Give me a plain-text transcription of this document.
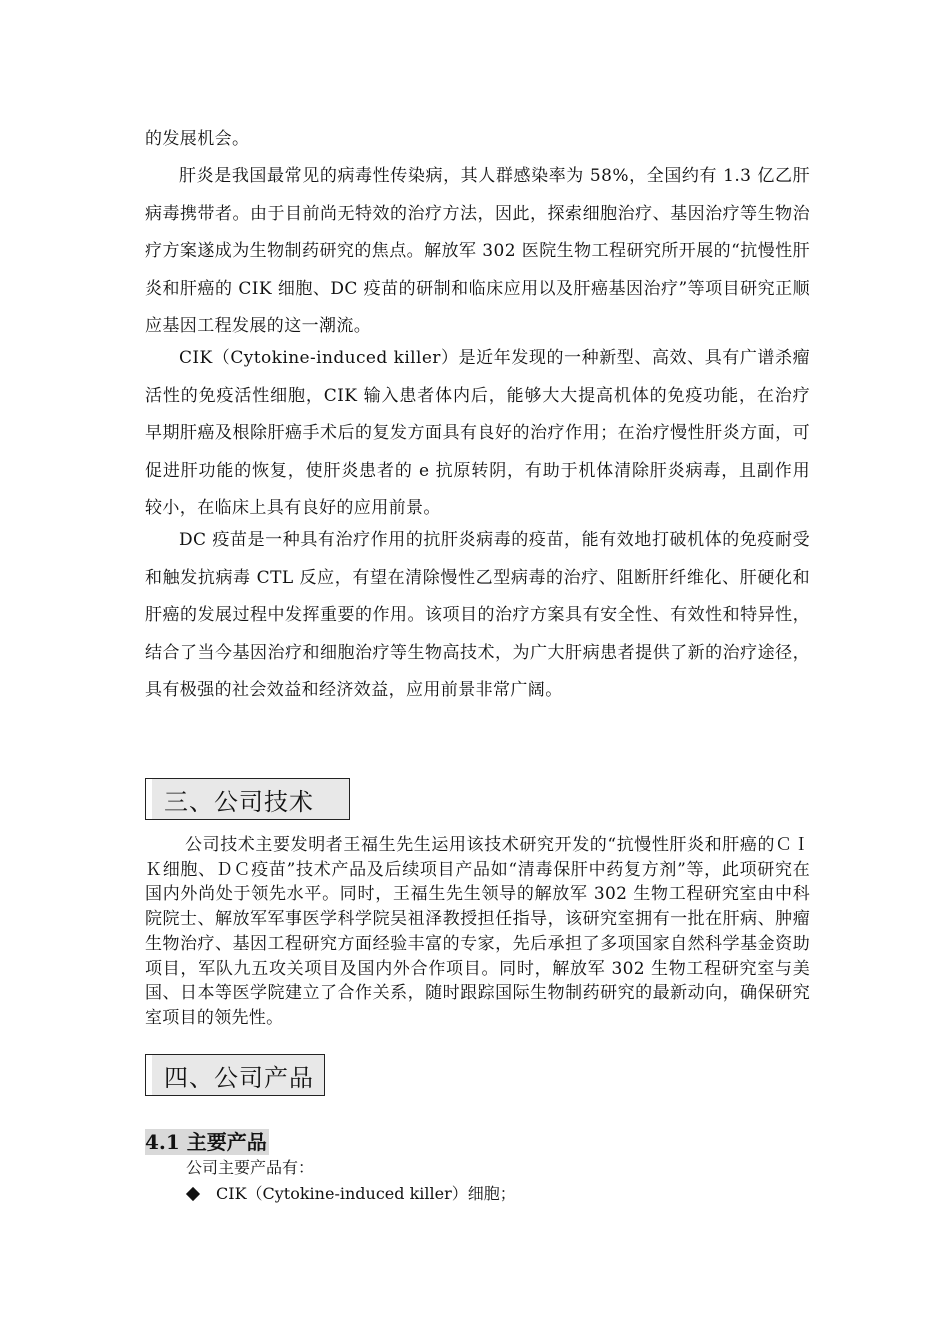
的发展机会。

肝炎是我国最常见的病毒性传染病，其人群感染率为 58%，全国约有 1.3 亿乙肝病毒携带者。由于目前尚无特效的治疗方法，因此，探索细胞治疗、基因治疗等生物治疗方案遂成为生物制药研究的焦点。解放军 302 医院生物工程研究所开展的“抗慢性肝炎和肝癌的 CIK 细胞、DC 疫苗的研制和临床应用以及肝癌基因治疗”等项目研究正顺应基因工程发展的这一潮流。

CIK（Cytokine-induced killer）是近年发现的一种新型、高效、具有广谱杀瘤活性的免疫活性细胞，CIK 输入患者体内后，能够大大提高机体的免疫功能，在治疗早期肝癌及根除肝癌手术后的复发方面具有良好的治疗作用；在治疗慢性肝炎方面，可促进肝功能的恢复，使肝炎患者的 e 抗原转阴，有助于机体清除肝炎病毒，且副作用较小，在临床上具有良好的应用前景。

DC 疫苗是一种具有治疗作用的抗肝炎病毒的疫苗，能有效地打破机体的免疫耐受和触发抗病毒 CTL 反应，有望在清除慢性乙型病毒的治疗、阻断肝纤维化、肝硬化和肝癌的发展过程中发挥重要的作用。该项目的治疗方案具有安全性、有效性和特异性，结合了当今基因治疗和细胞治疗等生物高技术，为广大肝病患者提供了新的治疗途径，具有极强的社会效益和经济效益，应用前景非常广阔。

三、公司技术

公司技术主要发明者王福生先生运用该技术研究开发的“抗慢性肝炎和肝癌的ＣＩＫ细胞、ＤＣ疫苗”技术产品及后续项目产品如“清毒保肝中药复方剂”等，此项研究在国内外尚处于领先水平。同时，王福生先生领导的解放军 302 生物工程研究室由中科院院士、解放军军事医学科学院吴祖泽教授担任指导，该研究室拥有一批在肝病、肿瘤生物治疗、基因工程研究方面经验丰富的专家，先后承担了多项国家自然科学基金资助项目，军队九五攻关项目及国内外合作项目。同时，解放军 302 生物工程研究室与美国、日本等医学院建立了合作关系，随时跟踪国际生物制药研究的最新动向，确保研究室项目的领先性。

四、公司产品
4.1 主要产品
公司主要产品有：
CIK（Cytokine-induced killer）细胞；
